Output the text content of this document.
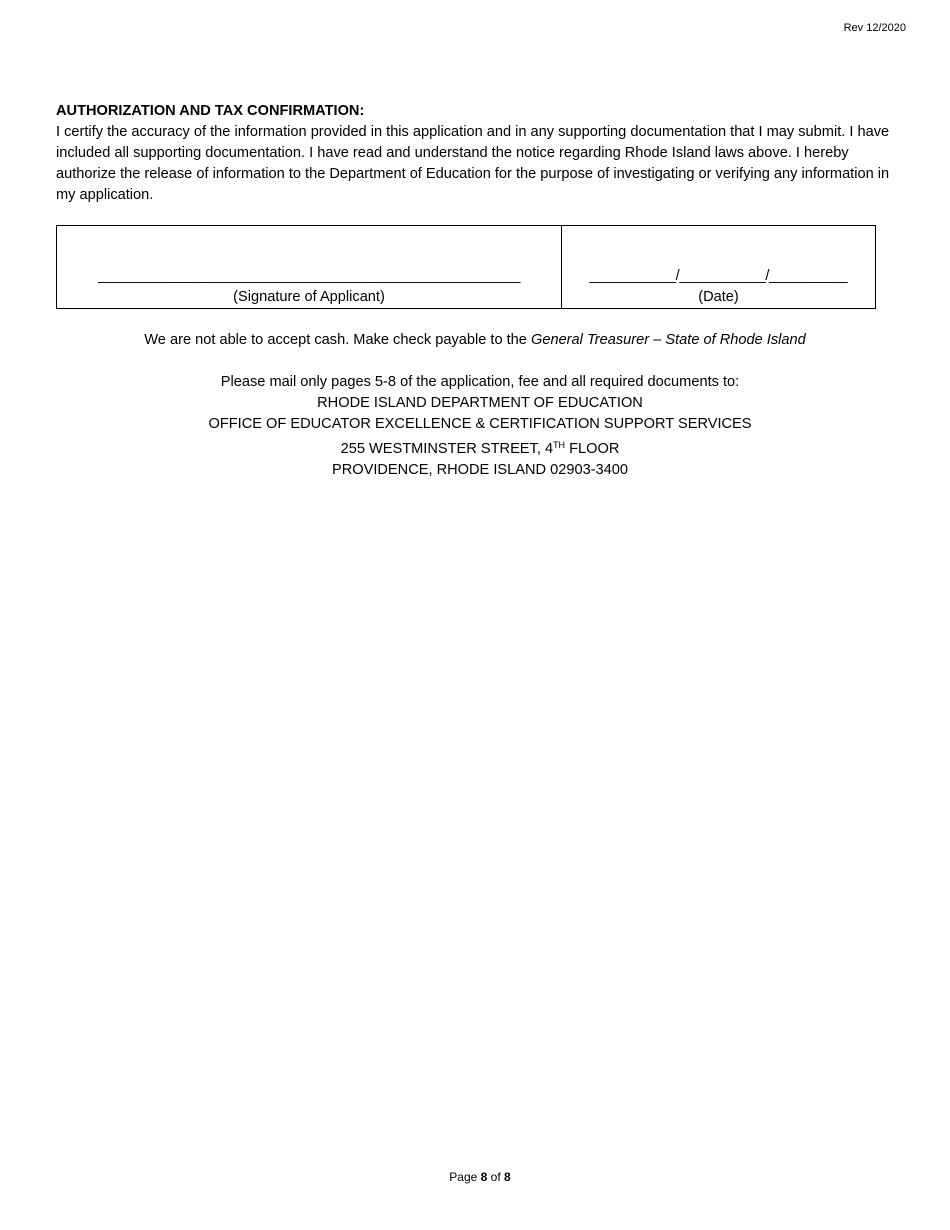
Rev 12/2020
AUTHORIZATION AND TAX CONFIRMATION:
I certify the accuracy of the information provided in this application and in any supporting documentation that I may submit. I have included all supporting documentation. I have read and understand the notice regarding Rhode Island laws above. I hereby authorize the release of information to the Department of Education for the purpose of investigating or verifying any information in my application.
______________________________________________________
(Signature of Applicant)
___________/___________/__________
(Date)
We are not able to accept cash. Make check payable to the General Treasurer – State of Rhode Island
Please mail only pages 5-8 of the application, fee and all required documents to:
RHODE ISLAND DEPARTMENT OF EDUCATION
OFFICE OF EDUCATOR EXCELLENCE & CERTIFICATION SUPPORT SERVICES
255 WESTMINSTER STREET, 4TH FLOOR
PROVIDENCE, RHODE ISLAND 02903-3400
Page 8 of 8
